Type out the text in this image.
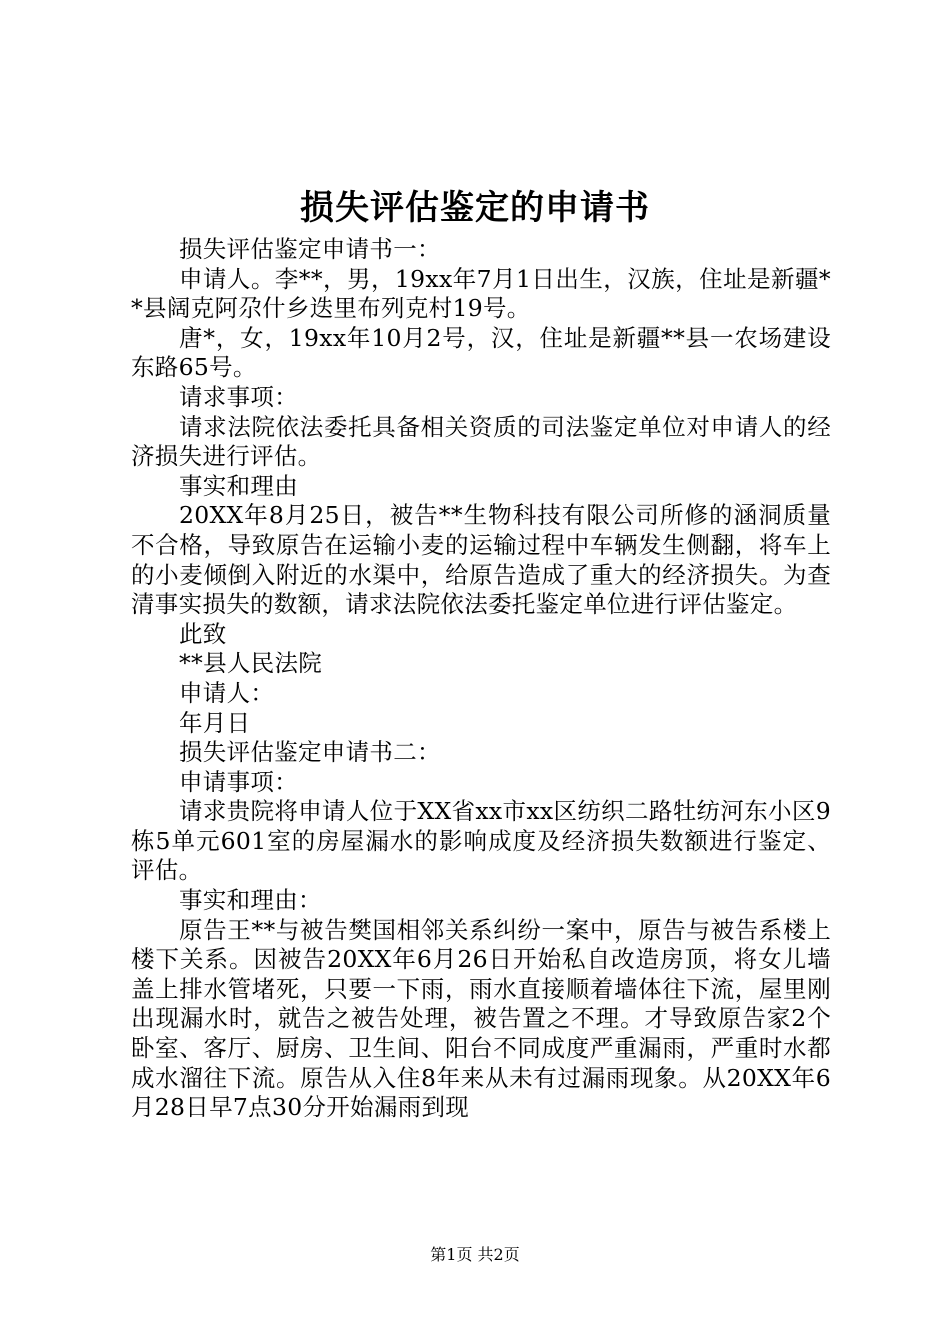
损失评估鉴定的申请书

损失评估鉴定申请书一：

申请人。李**，男，19xx年7月1日出生，汉族，住址是新疆**县阔克阿尕什乡迭里布列克村19号。

唐*，女，19xx年10月2号，汉，住址是新疆**县一农场建设东路65号。

请求事项：

请求法院依法委托具备相关资质的司法鉴定单位对申请人的经济损失进行评估。

事实和理由

20XX年8月25日，被告**生物科技有限公司所修的涵洞质量不合格，导致原告在运输小麦的运输过程中车辆发生侧翻，将车上的小麦倾倒入附近的水渠中，给原告造成了重大的经济损失。为查清事实损失的数额，请求法院依法委托鉴定单位进行评估鉴定。

此致

**县人民法院

申请人：

年月日

损失评估鉴定申请书二：

申请事项：

请求贵院将申请人位于XX省xx市xx区纺织二路牡纺河东小区9栋5单元601室的房屋漏水的影响成度及经济损失数额进行鉴定、评估。

事实和理由：

原告王**与被告樊国相邻关系纠纷一案中，原告与被告系楼上楼下关系。因被告20XX年6月26日开始私自改造房顶，将女儿墙盖上排水管堵死，只要一下雨，雨水直接顺着墙体往下流，屋里刚出现漏水时，就告之被告处理，被告置之不理。才导致原告家2个卧室、客厅、厨房、卫生间、阳台不同成度严重漏雨，严重时水都成水溜往下流。原告从入住8年来从未有过漏雨现象。从20XX年6月28日早7点30分开始漏雨到现

第1页 共2页
